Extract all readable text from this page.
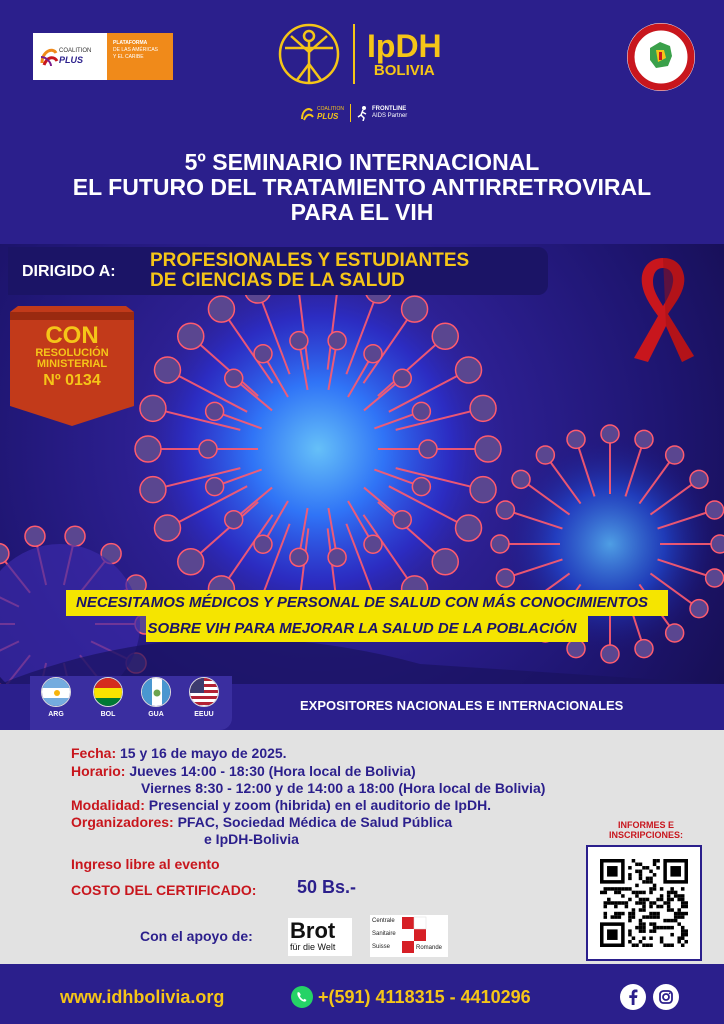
COALITION
PLUS
PLATAFORMA
DE LAS AMÉRICAS
Y EL CARIBE	IpDH
BOLIVIA
COALITION
PLUS
FRONTLINE
AIDS Partner
5º SEMINARIO INTERNACIONAL
EL FUTURO DEL TRATAMIENTO ANTIRRETROVIRAL
PARA EL VIH
DIRIGIDO A:
PROFESIONALES Y ESTUDIANTES
DE CIENCIAS DE LA SALUD
CON
RESOLUCIÓN
MINISTERIAL
Nº 0134
NECESITAMOS MÉDICOS Y PERSONAL DE SALUD CON MÁS CONOCIMIENTOS
SOBRE VIH PARA MEJORAR LA SALUD DE LA POBLACIÓN
ARG	BOL	GUA	EEUU
EXPOSITORES NACIONALES E INTERNACIONALES
Fecha: 15 y 16 de mayo de 2025.
Horario: Jueves 14:00 - 18:30 (Hora local de Bolivia)
Viernes 8:30 - 12:00 y de 14:00 a 18:00 (Hora local de Bolivia)
Modalidad: Presencial y zoom (hibrida) en el auditorio de IpDH.
Organizadores: PFAC, Sociedad Médica de Salud Pública
e IpDH-Bolivia
Ingreso libre al evento
COSTO DEL CERTIFICADO: 50 Bs.-
INFORMES E
INSCRIPCIONES:
Con el apoyo de: Brot
für die Welt
Centrale
Sanitaire
Suisse	Romande
www.idhbolivia.org	+(591) 4118315 - 4410296
